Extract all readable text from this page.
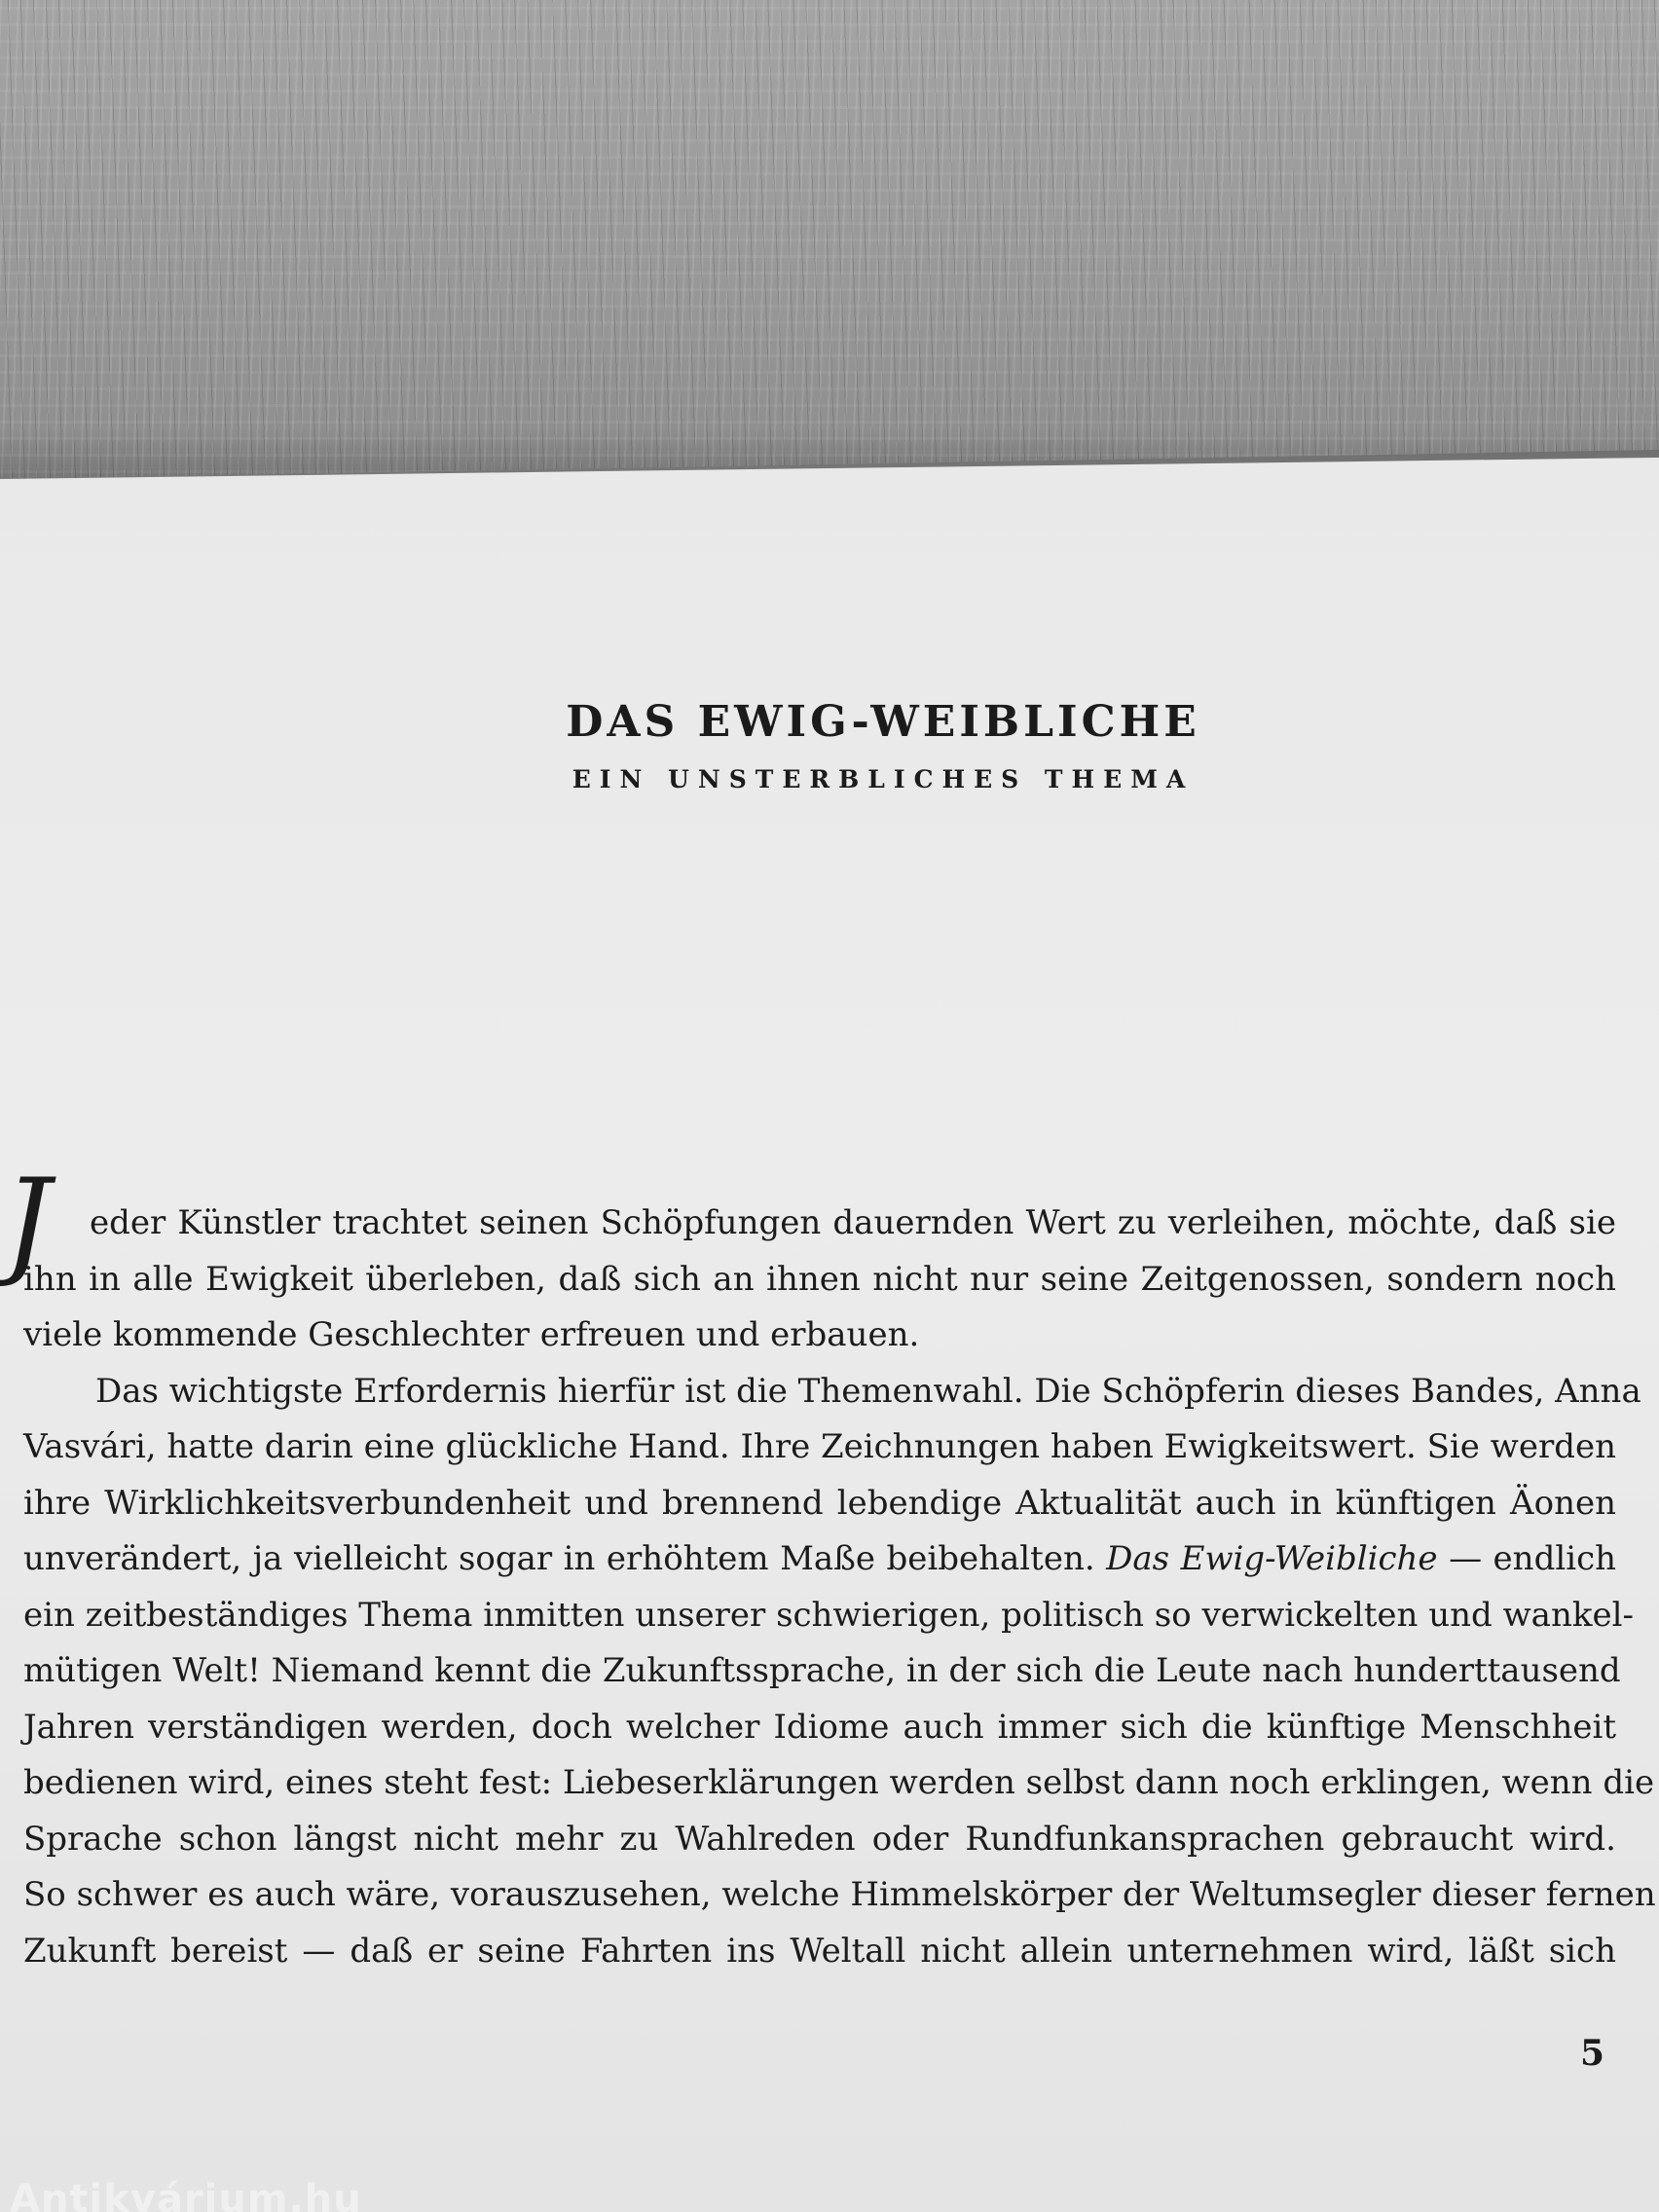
DAS EWIG-WEIBLICHE
EIN UNSTERBLICHES THEMA
J	eder Künstler trachtet seinen Schöpfungen dauernden Wert zu verleihen, möchte, daß sie
ihn in alle Ewigkeit überleben, daß sich an ihnen nicht nur seine Zeitgenossen, sondern noch
viele kommende Geschlechter erfreuen und erbauen.
Das wichtigste Erfordernis hierfür ist die Themenwahl. Die Schöpferin dieses Bandes, Anna
Vasvári, hatte darin eine glückliche Hand. Ihre Zeichnungen haben Ewigkeitswert. Sie werden
ihre Wirklichkeitsverbundenheit und brennend lebendige Aktualität auch in künftigen Äonen
unverändert, ja vielleicht sogar in erhöhtem Maße beibehalten. Das Ewig-Weibliche — endlich
ein zeitbeständiges Thema inmitten unserer schwierigen, politisch so verwickelten und wankel-
mütigen Welt! Niemand kennt die Zukunftssprache, in der sich die Leute nach hunderttausend
Jahren verständigen werden, doch welcher Idiome auch immer sich die künftige Menschheit
bedienen wird, eines steht fest: Liebeserklärungen werden selbst dann noch erklingen, wenn die
Sprache schon längst nicht mehr zu Wahlreden oder Rundfunkansprachen gebraucht wird.
So schwer es auch wäre, vorauszusehen, welche Himmelskörper der Weltumsegler dieser fernen
Zukunft bereist — daß er seine Fahrten ins Weltall nicht allein unternehmen wird, läßt sich
5
Antikvárium.hu
